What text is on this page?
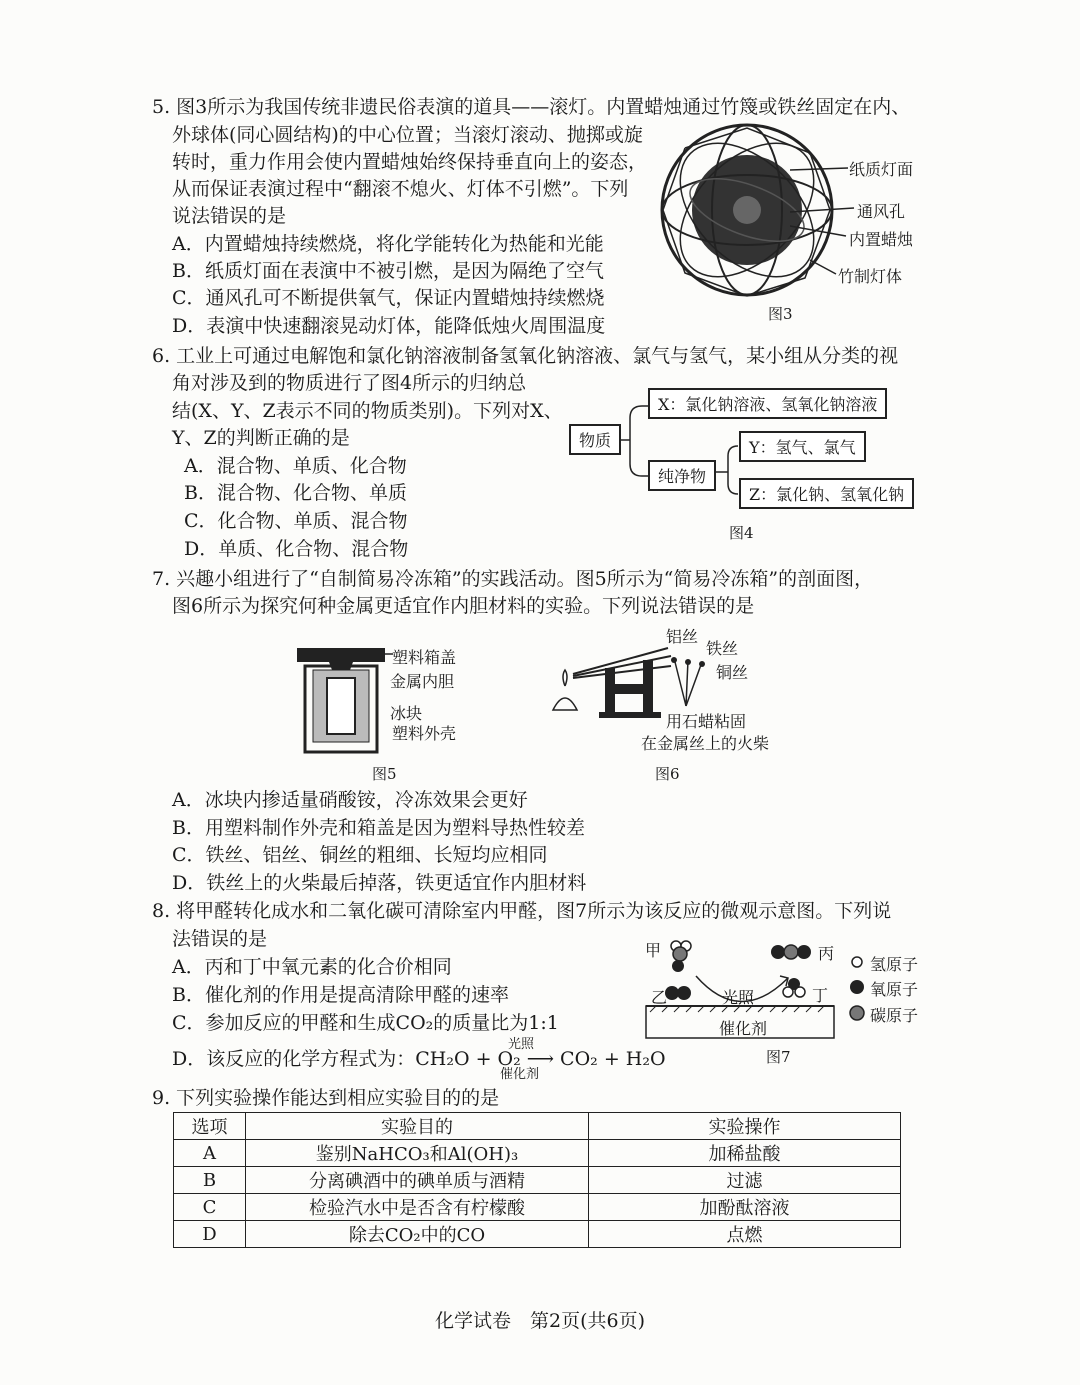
5. 图3所示为我国传统非遗民俗表演的道具——滚灯。内置蜡烛通过竹篾或铁丝固定在内、
外球体(同心圆结构)的中心位置；当滚灯滚动、抛掷或旋
转时，重力作用会使内置蜡烛始终保持垂直向上的姿态，
从而保证表演过程中“翻滚不熄火、灯体不引燃”。下列
说法错误的是
A．内置蜡烛持续燃烧，将化学能转化为热能和光能
B．纸质灯面在表演中不被引燃，是因为隔绝了空气
C．通风孔可不断提供氧气，保证内置蜡烛持续燃烧
D．表演中快速翻滚晃动灯体，能降低烛火周围温度
纸质灯面
通风孔
内置蜡烛
竹制灯体
图3
6. 工业上可通过电解饱和氯化钠溶液制备氢氧化钠溶液、氯气与氢气，某小组从分类的视
角对涉及到的物质进行了图4所示的归纳总
结(X、Y、Z表示不同的物质类别)。下列对X、
Y、Z的判断正确的是
A．混合物、单质、化合物
B．混合物、化合物、单质
C．化合物、单质、混合物
D．单质、化合物、混合物
物质
X：氯化钠溶液、氢氧化钠溶液
纯净物
Y：氢气、氯气
Z：氯化钠、氢氧化钠
图4
7. 兴趣小组进行了“自制简易冷冻箱”的实践活动。图5所示为“简易冷冻箱”的剖面图，
图6所示为探究何种金属更适宜作内胆材料的实验。下列说法错误的是
塑料箱盖
金属内胆
冰块
塑料外壳
图5
铝丝
铁丝
铜丝
用石蜡粘固
在金属丝上的火柴
图6
A．冰块内掺适量硝酸铵，冷冻效果会更好
B．用塑料制作外壳和箱盖是因为塑料导热性较差
C．铁丝、铝丝、铜丝的粗细、长短均应相同
D．铁丝上的火柴最后掉落，铁更适宜作内胆材料
8. 将甲醛转化成水和二氧化碳可清除室内甲醛，图7所示为该反应的微观示意图。下列说
法错误的是
A．丙和丁中氧元素的化合价相同
B．催化剂的作用是提高清除甲醛的速率
C．参加反应的甲醛和生成CO₂的质量比为1:1
D．该反应的化学方程式为：CH₂O + O₂ ⟶ CO₂ + H₂O
光照
催化剂
甲
乙
丙
丁
光照
催化剂
氢原子
氧原子
碳原子
图7
9. 下列实验操作能达到相应实验目的的是
选项	实验目的	实验操作
A	鉴别NaHCO₃和Al(OH)₃	加稀盐酸
B	分离碘酒中的碘单质与酒精	过滤
C	检验汽水中是否含有柠檬酸	加酚酞溶液
D	除去CO₂中的CO	点燃
化学试卷　第2页(共6页)
